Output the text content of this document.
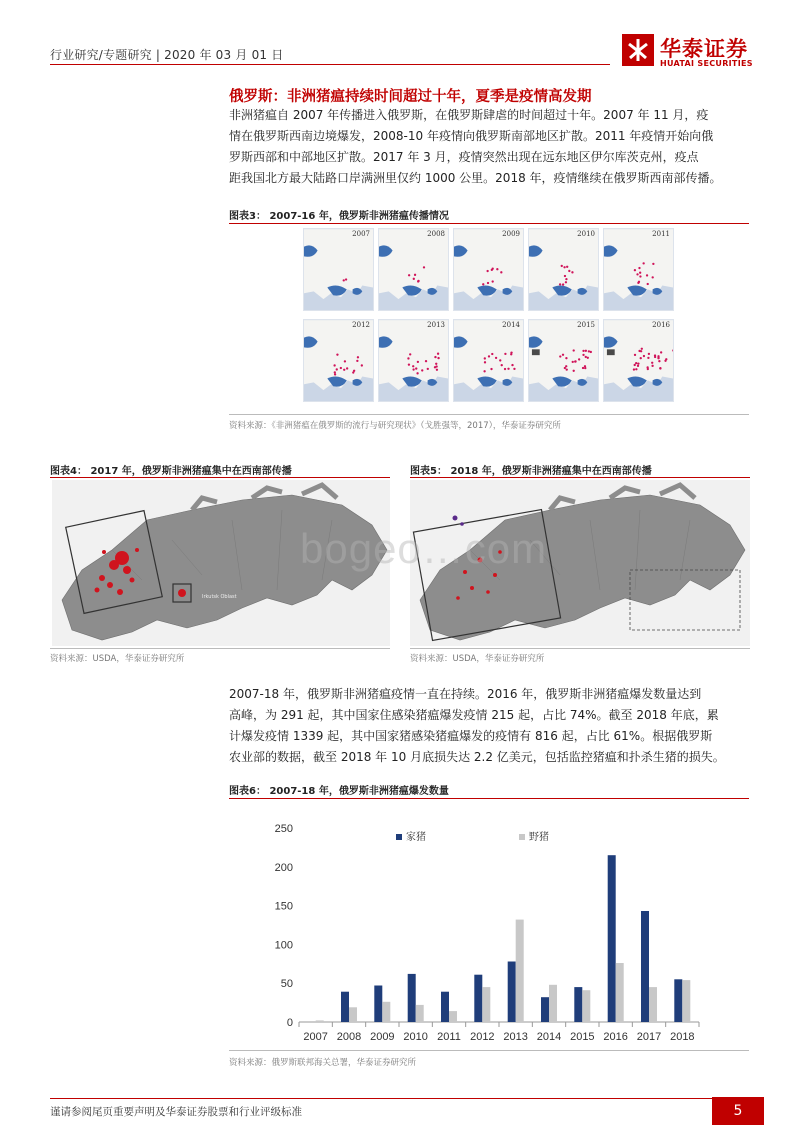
行业研究/专题研究 | 2020 年 03 月 01 日	华泰证券
HUATAI SECURITIES
俄罗斯：非洲猪瘟持续时间超过十年，夏季是疫情高发期
非洲猪瘟自 2007 年传播进入俄罗斯，在俄罗斯肆虐的时间超过十年。2007 年 11 月，疫
情在俄罗斯西南边境爆发，2008-10 年疫情向俄罗斯南部地区扩散。2011 年疫情开始向俄
罗斯西部和中部地区扩散。2017 年 3 月，疫情突然出现在远东地区伊尔库茨克州，疫点
距我国北方最大陆路口岸满洲里仅约 1000 公里。2018 年，疫情继续在俄罗斯西南部传播。
图表3： 2007-16 年，俄罗斯非洲猪瘟传播情况
2007	2008	2009	2010	2011
2012	2013	2014	2015	2016
资料来源：《非洲猪瘟在俄罗斯的流行与研究现状》（戈胜强等，2017），华泰证券研究所
图表4： 2017 年，俄罗斯非洲猪瘟集中在西南部传播	图表5： 2018 年，俄罗斯非洲猪瘟集中在西南部传播
Irkutsk Oblast
bogeo…com
资料来源：USDA，华泰证券研究所	资料来源：USDA，华泰证券研究所
2007-18 年，俄罗斯非洲猪瘟疫情一直在持续。2016 年，俄罗斯非洲猪瘟爆发数量达到
高峰，为 291 起，其中国家住感染猪瘟爆发疫情 215 起，占比 74%。截至 2018 年底，累
计爆发疫情 1339 起，其中国家猪感染猪瘟爆发的疫情有 816 起，占比 61%。根据俄罗斯
农业部的数据，截至 2018 年 10 月底损失达 2.2 亿美元，包括监控猪瘟和扑杀生猪的损失。
图表6： 2007-18 年，俄罗斯非洲猪瘟爆发数量
0
50
100
150
200
250
2007 2008 2009 2010 2011 2012 2013 2014 2015 2016 2017 2018
家猪	野猪
资料来源：俄罗斯联邦海关总署，华泰证券研究所
谨请参阅尾页重要声明及华泰证券股票和行业评级标准	5
